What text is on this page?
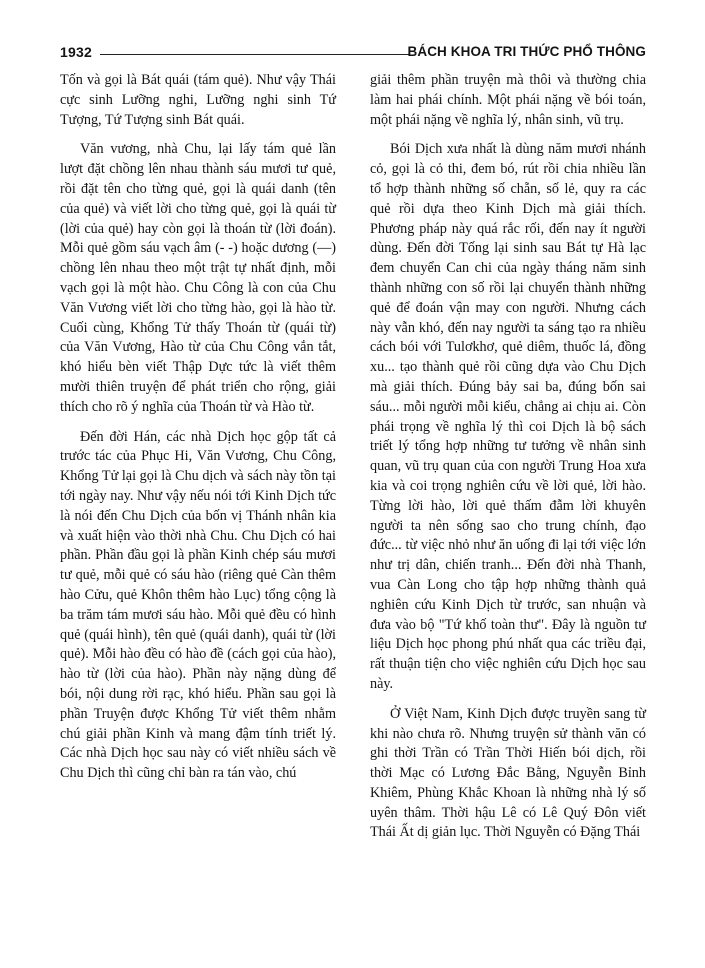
1932	BÁCH KHOA TRI THỨC PHỔ THÔNG

Tốn và gọi là Bát quái (tám quẻ). Như vậy Thái cực sinh Lưỡng nghi, Lưỡng nghi sinh Tứ Tượng, Tứ Tượng sinh Bát quái.

Văn vương, nhà Chu, lại lấy tám quẻ lần lượt đặt chồng lên nhau thành sáu mươi tư quẻ, rồi đặt tên cho từng quẻ, gọi là quái danh (tên của quẻ) và viết lời cho từng quẻ, gọi là quái từ (lời của quẻ) hay còn gọi là thoán từ (lời đoán). Mỗi quẻ gồm sáu vạch âm (- -) hoặc dương (—) chồng lên nhau theo một trật tự nhất định, mỗi vạch gọi là một hào. Chu Công là con của Chu Văn Vương viết lời cho từng hào, gọi là hào từ. Cuối cùng, Khổng Tử thấy Thoán từ (quái từ) của Văn Vương, Hào từ của Chu Công vắn tắt, khó hiểu bèn viết Thập Dực tức là viết thêm mười thiên truyện để phát triển cho rộng, giải thích cho rõ ý nghĩa của Thoán từ và Hào từ.

Đến đời Hán, các nhà Dịch học gộp tất cả trước tác của Phục Hi, Văn Vương, Chu Công, Khổng Tử lại gọi là Chu dịch và sách này tồn tại tới ngày nay. Như vậy nếu nói tới Kinh Dịch tức là nói đến Chu Dịch của bốn vị Thánh nhân kia và xuất hiện vào thời nhà Chu. Chu Dịch có hai phần. Phần đầu gọi là phần Kinh chép sáu mươi tư quẻ, mỗi quẻ có sáu hào (riêng quẻ Càn thêm hào Cửu, quẻ Khôn thêm hào Lục) tổng cộng là ba trăm tám mươi sáu hào. Mỗi quẻ đều có hình quẻ (quái hình), tên quẻ (quái danh), quái từ (lời quẻ). Mỗi hào đều có hào đề (cách gọi của hào), hào từ (lời của hào). Phần này nặng dùng để bói, nội dung rời rạc, khó hiểu. Phần sau gọi là phần Truyện được Khổng Tử viết thêm nhằm chú giải phần Kinh và mang đậm tính triết lý. Các nhà Dịch học sau này có viết nhiều sách về Chu Dịch thì cũng chỉ bàn ra tán vào, chú

giải thêm phần truyện mà thôi và thường chia làm hai phái chính. Một phái nặng về bói toán, một phái nặng về nghĩa lý, nhân sinh, vũ trụ.

Bói Dịch xưa nhất là dùng năm mươi nhánh cỏ, gọi là cỏ thi, đem bó, rút rồi chia nhiều lần tổ hợp thành những số chẵn, số lẻ, quy ra các quẻ rồi dựa theo Kinh Dịch mà giải thích. Phương pháp này quá rắc rối, đến nay ít người dùng. Đến đời Tống lại sinh sau Bát tự Hà lạc đem chuyển Can chi của ngày tháng năm sinh thành những con số rồi lại chuyển thành những quẻ để đoán vận may con người. Nhưng cách này vẫn khó, đến nay người ta sáng tạo ra nhiều cách bói với Tulơkhơ, quẻ diêm, thuốc lá, đồng xu... tạo thành quẻ rồi cũng dựa vào Chu Dịch mà giải thích. Đúng bảy sai ba, đúng bốn sai sáu... mỗi người mỗi kiểu, chẳng ai chịu ai. Còn phái trọng về nghĩa lý thì coi Dịch là bộ sách triết lý tổng hợp những tư tưởng về nhân sinh quan, vũ trụ quan của con người Trung Hoa xưa kia và coi trọng nghiên cứu về lời quẻ, lời hào. Từng lời hào, lời quẻ thấm đẫm lời khuyên người ta nên sống sao cho trung chính, đạo đức... từ việc nhỏ như ăn uống đi lại tới việc lớn như trị dân, chiến tranh... Đến đời nhà Thanh, vua Càn Long cho tập hợp những thành quả nghiên cứu Kinh Dịch từ trước, san nhuận và đưa vào bộ "Tứ khố toàn thư". Đây là nguồn tư liệu Dịch học phong phú nhất qua các triều đại, rất thuận tiện cho việc nghiên cứu Dịch học sau này.

Ở Việt Nam, Kinh Dịch được truyền sang từ khi nào chưa rõ. Nhưng truyện sử thành văn có ghi thời Trần có Trần Thời Hiến bói dịch, rồi thời Mạc có Lương Đắc Bằng, Nguyễn Bỉnh Khiêm, Phùng Khắc Khoan là những nhà lý số uyên thâm. Thời hậu Lê có Lê Quý Đôn viết Thái Ất dị giản lục. Thời Nguyễn có Đặng Thái
